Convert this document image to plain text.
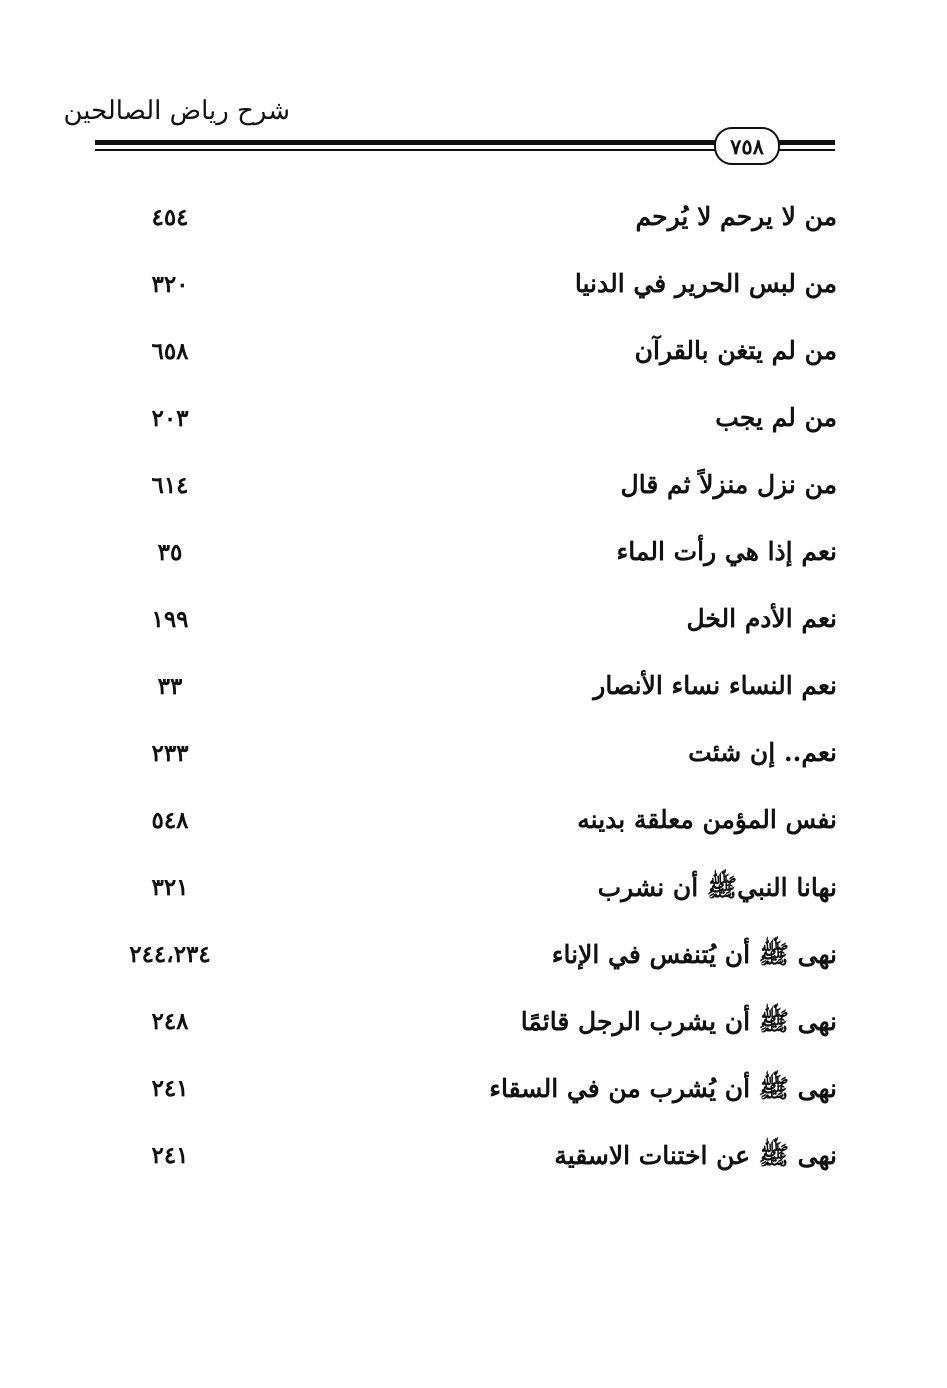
شرح رياض الصالحين
٧٥٨
من لا يرحم لا يُرحم
٤٥٤
من لبس الحرير في الدنيا
٣٢٠
من لم يتغن بالقرآن
٦٥٨
من لم يجب
٢٠٣
من نزل منزلاً ثم قال
٦١٤
نعم إذا هي رأت الماء
٣٥
نعم الأدم الخل
١٩٩
نعم النساء نساء الأنصار
٣٣
نعم.. إن شئت
٢٣٣
نفس المؤمن معلقة بدينه
٥٤٨
نهانا النبيﷺ أن نشرب
٣٢١
نهى ﷺ أن يُتنفس في الإناء
٢٤٤،٢٣٤
نهى ﷺ أن يشرب الرجل قائمًا
٢٤٨
نهى ﷺ أن يُشرب من في السقاء
٢٤١
نهى ﷺ عن اختنات الاسقية
٢٤١
